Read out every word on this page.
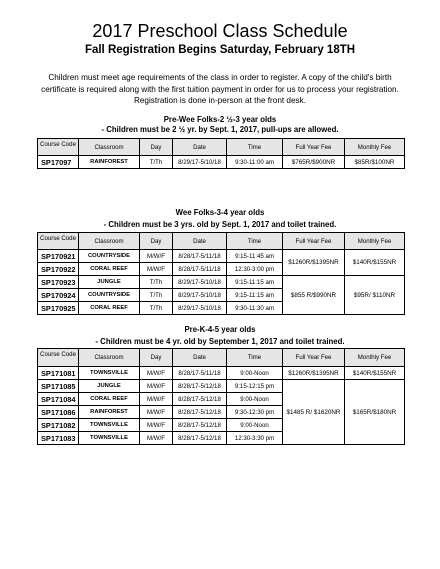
2017 Preschool Class Schedule
Fall Registration Begins Saturday, February 18TH
Children must meet age requirements of the class in order to register. A copy of the child's birth
certificate is required along with the first tuition payment in order for us to process your registration.
Registration is done in-person at the front desk.
Pre-Wee Folks-2 ½-3 year olds
- Children must be 2 ½ yr. by Sept. 1, 2017, pull-ups are allowed.
Course Code	Classroom	Day	Date	Time	Full Year Fee	Monthly Fee
SP17097	RAINFOREST	T/Th	8/29/17-5/10/18	9:30-11:00 am	$765R/$900NR	$85R/$100NR
Wee Folks-3-4 year olds
- Children must be 3 yrs. old by Sept. 1, 2017 and toilet trained.
Course Code	Classroom	Day	Date	Time	Full Year Fee	Monthly Fee
SP170921	COUNTRYSIDE	M/W/F	8/28/17-5/11/18	9:15-11:45 am	$1260R/$1395NR	$140R/$155NR
SP170922	CORAL REEF	M/W/F	8/28/17-5/11/18	12:30-3:00 pm		
SP170923	JUNGLE	T/Th	8/29/17-5/10/18	9:15-11:15 am	$855 R/$990NR	$95R/ $110NR
SP170924	COUNTRYSIDE	T/Th	8/29/17-5/10/18	9:15-11:15 am		
SP170925	CORAL REEF	T/Th	8/29/17-5/10/18	9:30-11:30 am		
Pre-K-4-5 year olds
- Children must be 4 yr. old by September 1, 2017 and toilet trained.
Course Code	Classroom	Day	Date	Time	Full Year Fee	Monthly Fee
SP171081	TOWNSVILLE	M/W/F	8/28/17-5/11/18	9:00-Noon	$1260R/$1395NR	$140R/$155NR
SP171085	JUNGLE	M/W/F	8/28/17-5/12/18	9:15-12:15 pm	$1485 R/ $1620NR	$165R/$180NR
SP171084	CORAL REEF	M/W/F	8/28/17-5/12/18	9:00-Noon		
SP171086	RAINFOREST	M/W/F	8/28/17-5/12/18	9:30-12:30 pm		
SP171082	TOWNSVILLE	M/W/F	8/28/17-5/12/18	9:00-Noon		
SP171083	TOWNSVILLE	M/W/F	8/28/17-5/12/18	12:30-3:30 pm		
